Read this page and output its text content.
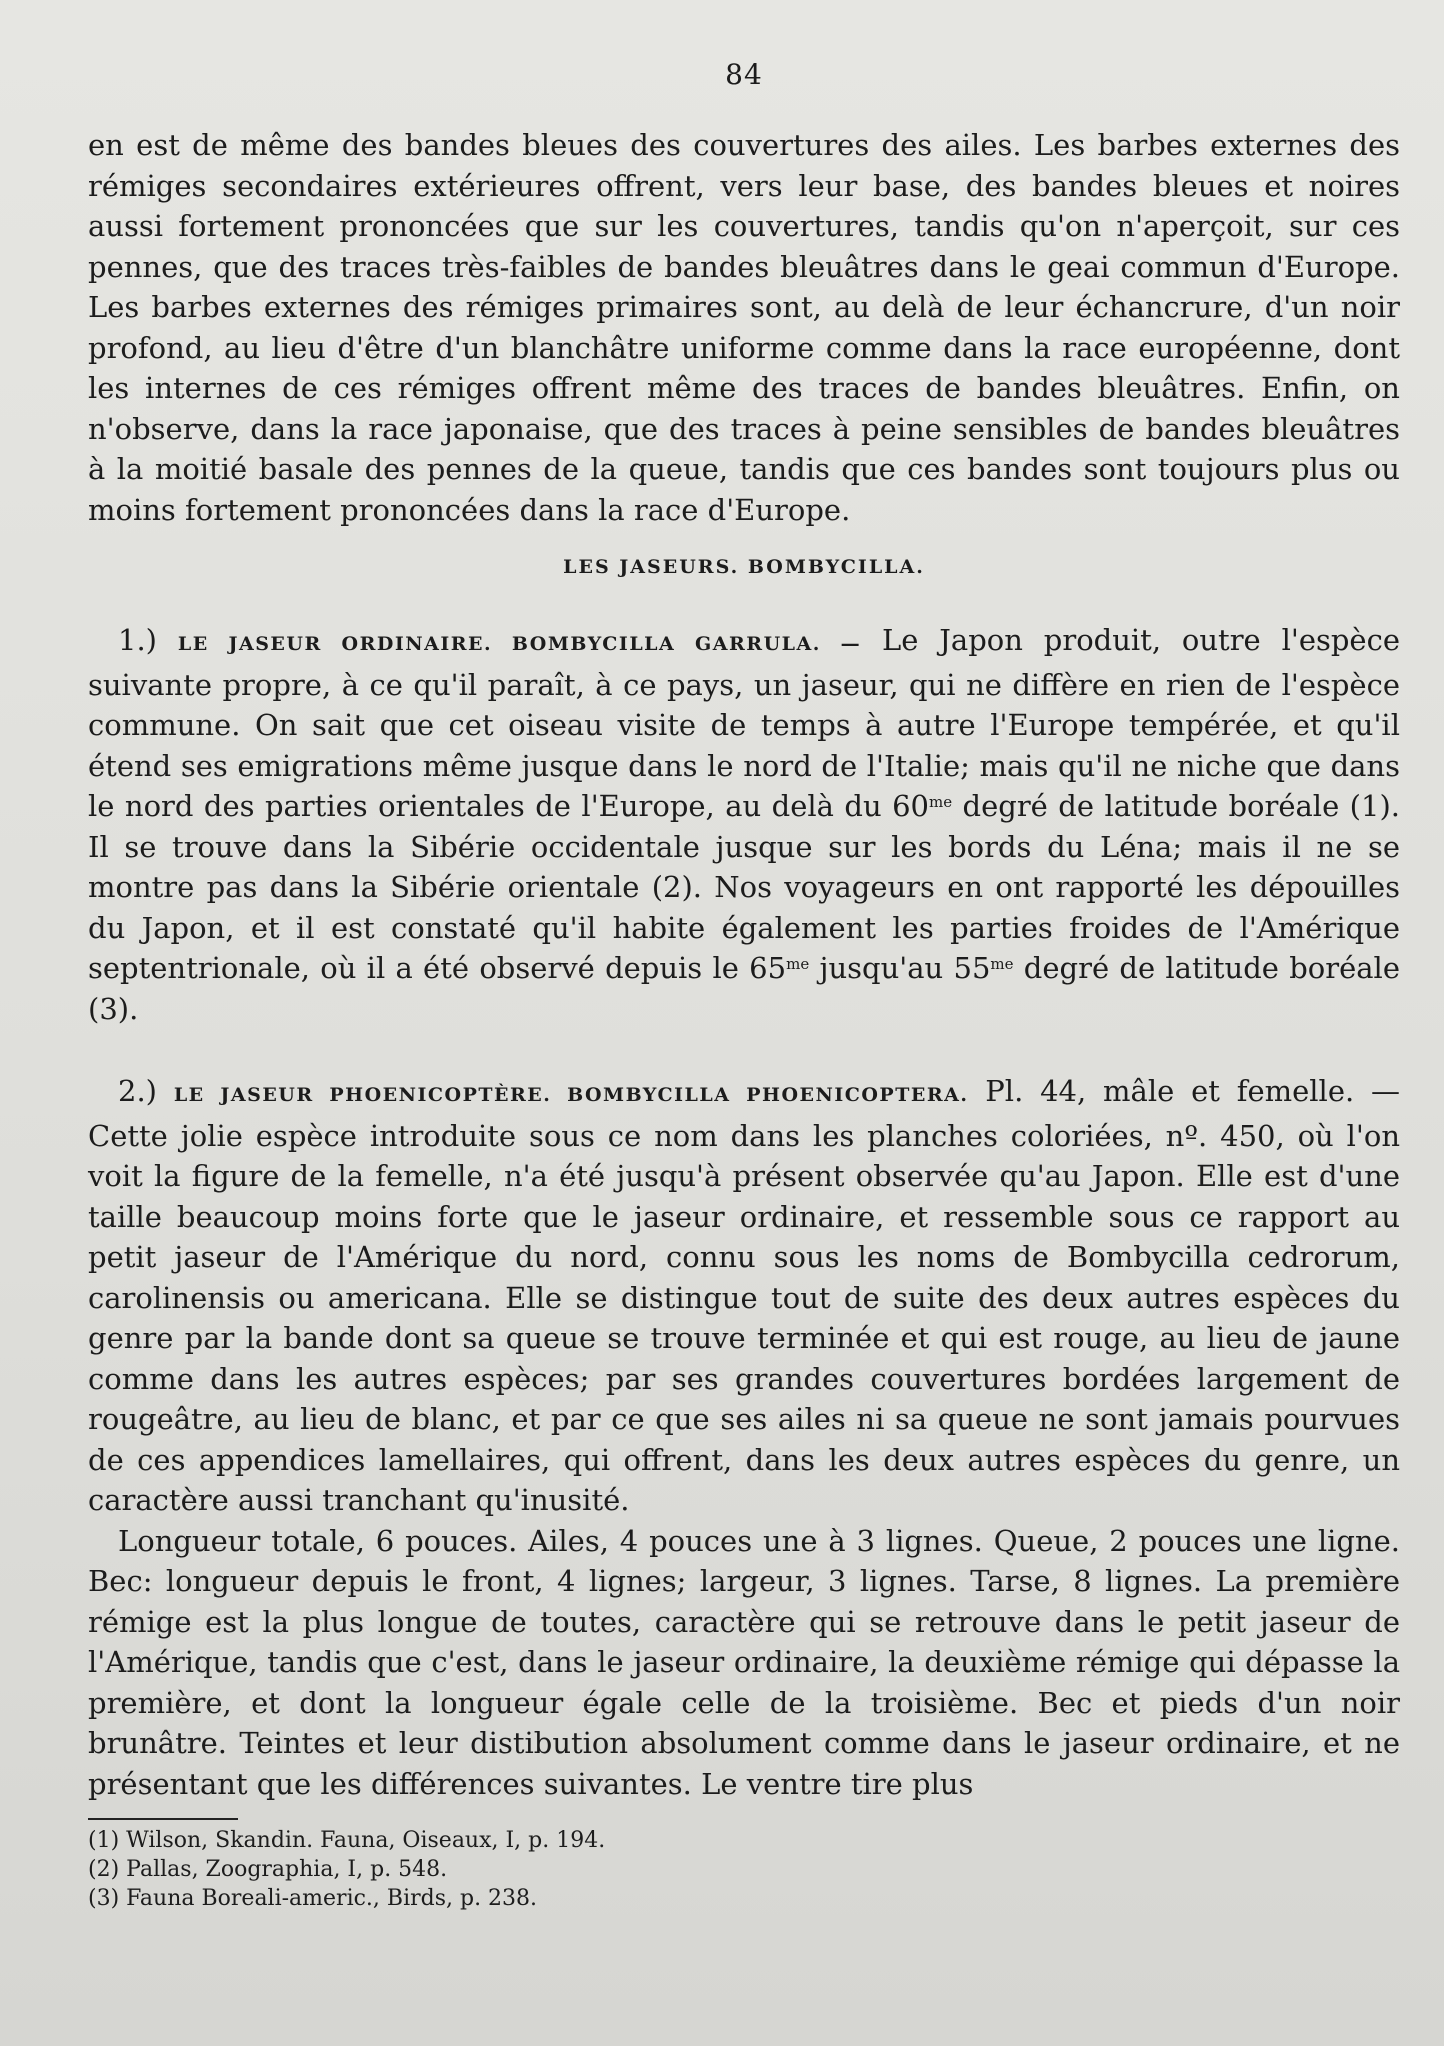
84

en est de même des bandes bleues des couvertures des ailes. Les barbes externes des rémiges secondaires extérieures offrent, vers leur base, des bandes bleues et noires aussi fortement prononcées que sur les couvertures, tandis qu'on n'aperçoit, sur ces pennes, que des traces très-faibles de bandes bleuâtres dans le geai commun d'Europe. Les barbes externes des rémiges primaires sont, au delà de leur échancrure, d'un noir profond, au lieu d'être d'un blanchâtre uniforme comme dans la race européenne, dont les internes de ces rémiges offrent même des traces de bandes bleuâtres. Enfin, on n'observe, dans la race japonaise, que des traces à peine sensibles de bandes bleuâtres à la moitié basale des pennes de la queue, tandis que ces bandes sont toujours plus ou moins fortement prononcées dans la race d'Europe.

LES JASEURS. BOMBYCILLA.

1.) LE JASEUR ORDINAIRE. BOMBYCILLA GARRULA. — Le Japon produit, outre l'espèce suivante propre, à ce qu'il paraît, à ce pays, un jaseur, qui ne diffère en rien de l'espèce commune. On sait que cet oiseau visite de temps à autre l'Europe tempérée, et qu'il étend ses emigrations même jusque dans le nord de l'Italie; mais qu'il ne niche que dans le nord des parties orientales de l'Europe, au delà du $60^{me}$ degré de latitude boréale (1). Il se trouve dans la Sibérie occidentale jusque sur les bords du Léna; mais il ne se montre pas dans la Sibérie orientale (2). Nos voyageurs en ont rapporté les dépouilles du Japon, et il est constaté qu'il habite également les parties froides de l'Amérique septentrionale, où il a été observé depuis le $65^{me}$ jusqu'au $55^{me}$ degré de latitude boréale (3).

2.) LE JASEUR PHOENICOPTÈRE. BOMBYCILLA PHOENICOPTERA. Pl. 44, mâle et femelle. — Cette jolie espèce introduite sous ce nom dans les planches coloriées, nº. 450, où l'on voit la figure de la femelle, n'a été jusqu'à présent observée qu'au Japon. Elle est d'une taille beaucoup moins forte que le jaseur ordinaire, et ressemble sous ce rapport au petit jaseur de l'Amérique du nord, connu sous les noms de Bombycilla cedrorum, carolinensis ou americana. Elle se distingue tout de suite des deux autres espèces du genre par la bande dont sa queue se trouve terminée et qui est rouge, au lieu de jaune comme dans les autres espèces; par ses grandes couvertures bordées largement de rougeâtre, au lieu de blanc, et par ce que ses ailes ni sa queue ne sont jamais pourvues de ces appendices lamellaires, qui offrent, dans les deux autres espèces du genre, un caractère aussi tranchant qu'inusité.

Longueur totale, 6 pouces. Ailes, 4 pouces une à 3 lignes. Queue, 2 pouces une ligne. Bec: longueur depuis le front, 4 lignes; largeur, 3 lignes. Tarse, 8 lignes. La première rémige est la plus longue de toutes, caractère qui se retrouve dans le petit jaseur de l'Amérique, tandis que c'est, dans le jaseur ordinaire, la deuxième rémige qui dépasse la première, et dont la longueur égale celle de la troisième. Bec et pieds d'un noir brunâtre. Teintes et leur distibution absolument comme dans le jaseur ordinaire, et ne présentant que les différences suivantes. Le ventre tire plus

(1) Wilson, Skandin. Fauna, Oiseaux, I, p. 194.

(2) Pallas, Zoographia, I, p. 548.

(3) Fauna Boreali-americ., Birds, p. 238.
